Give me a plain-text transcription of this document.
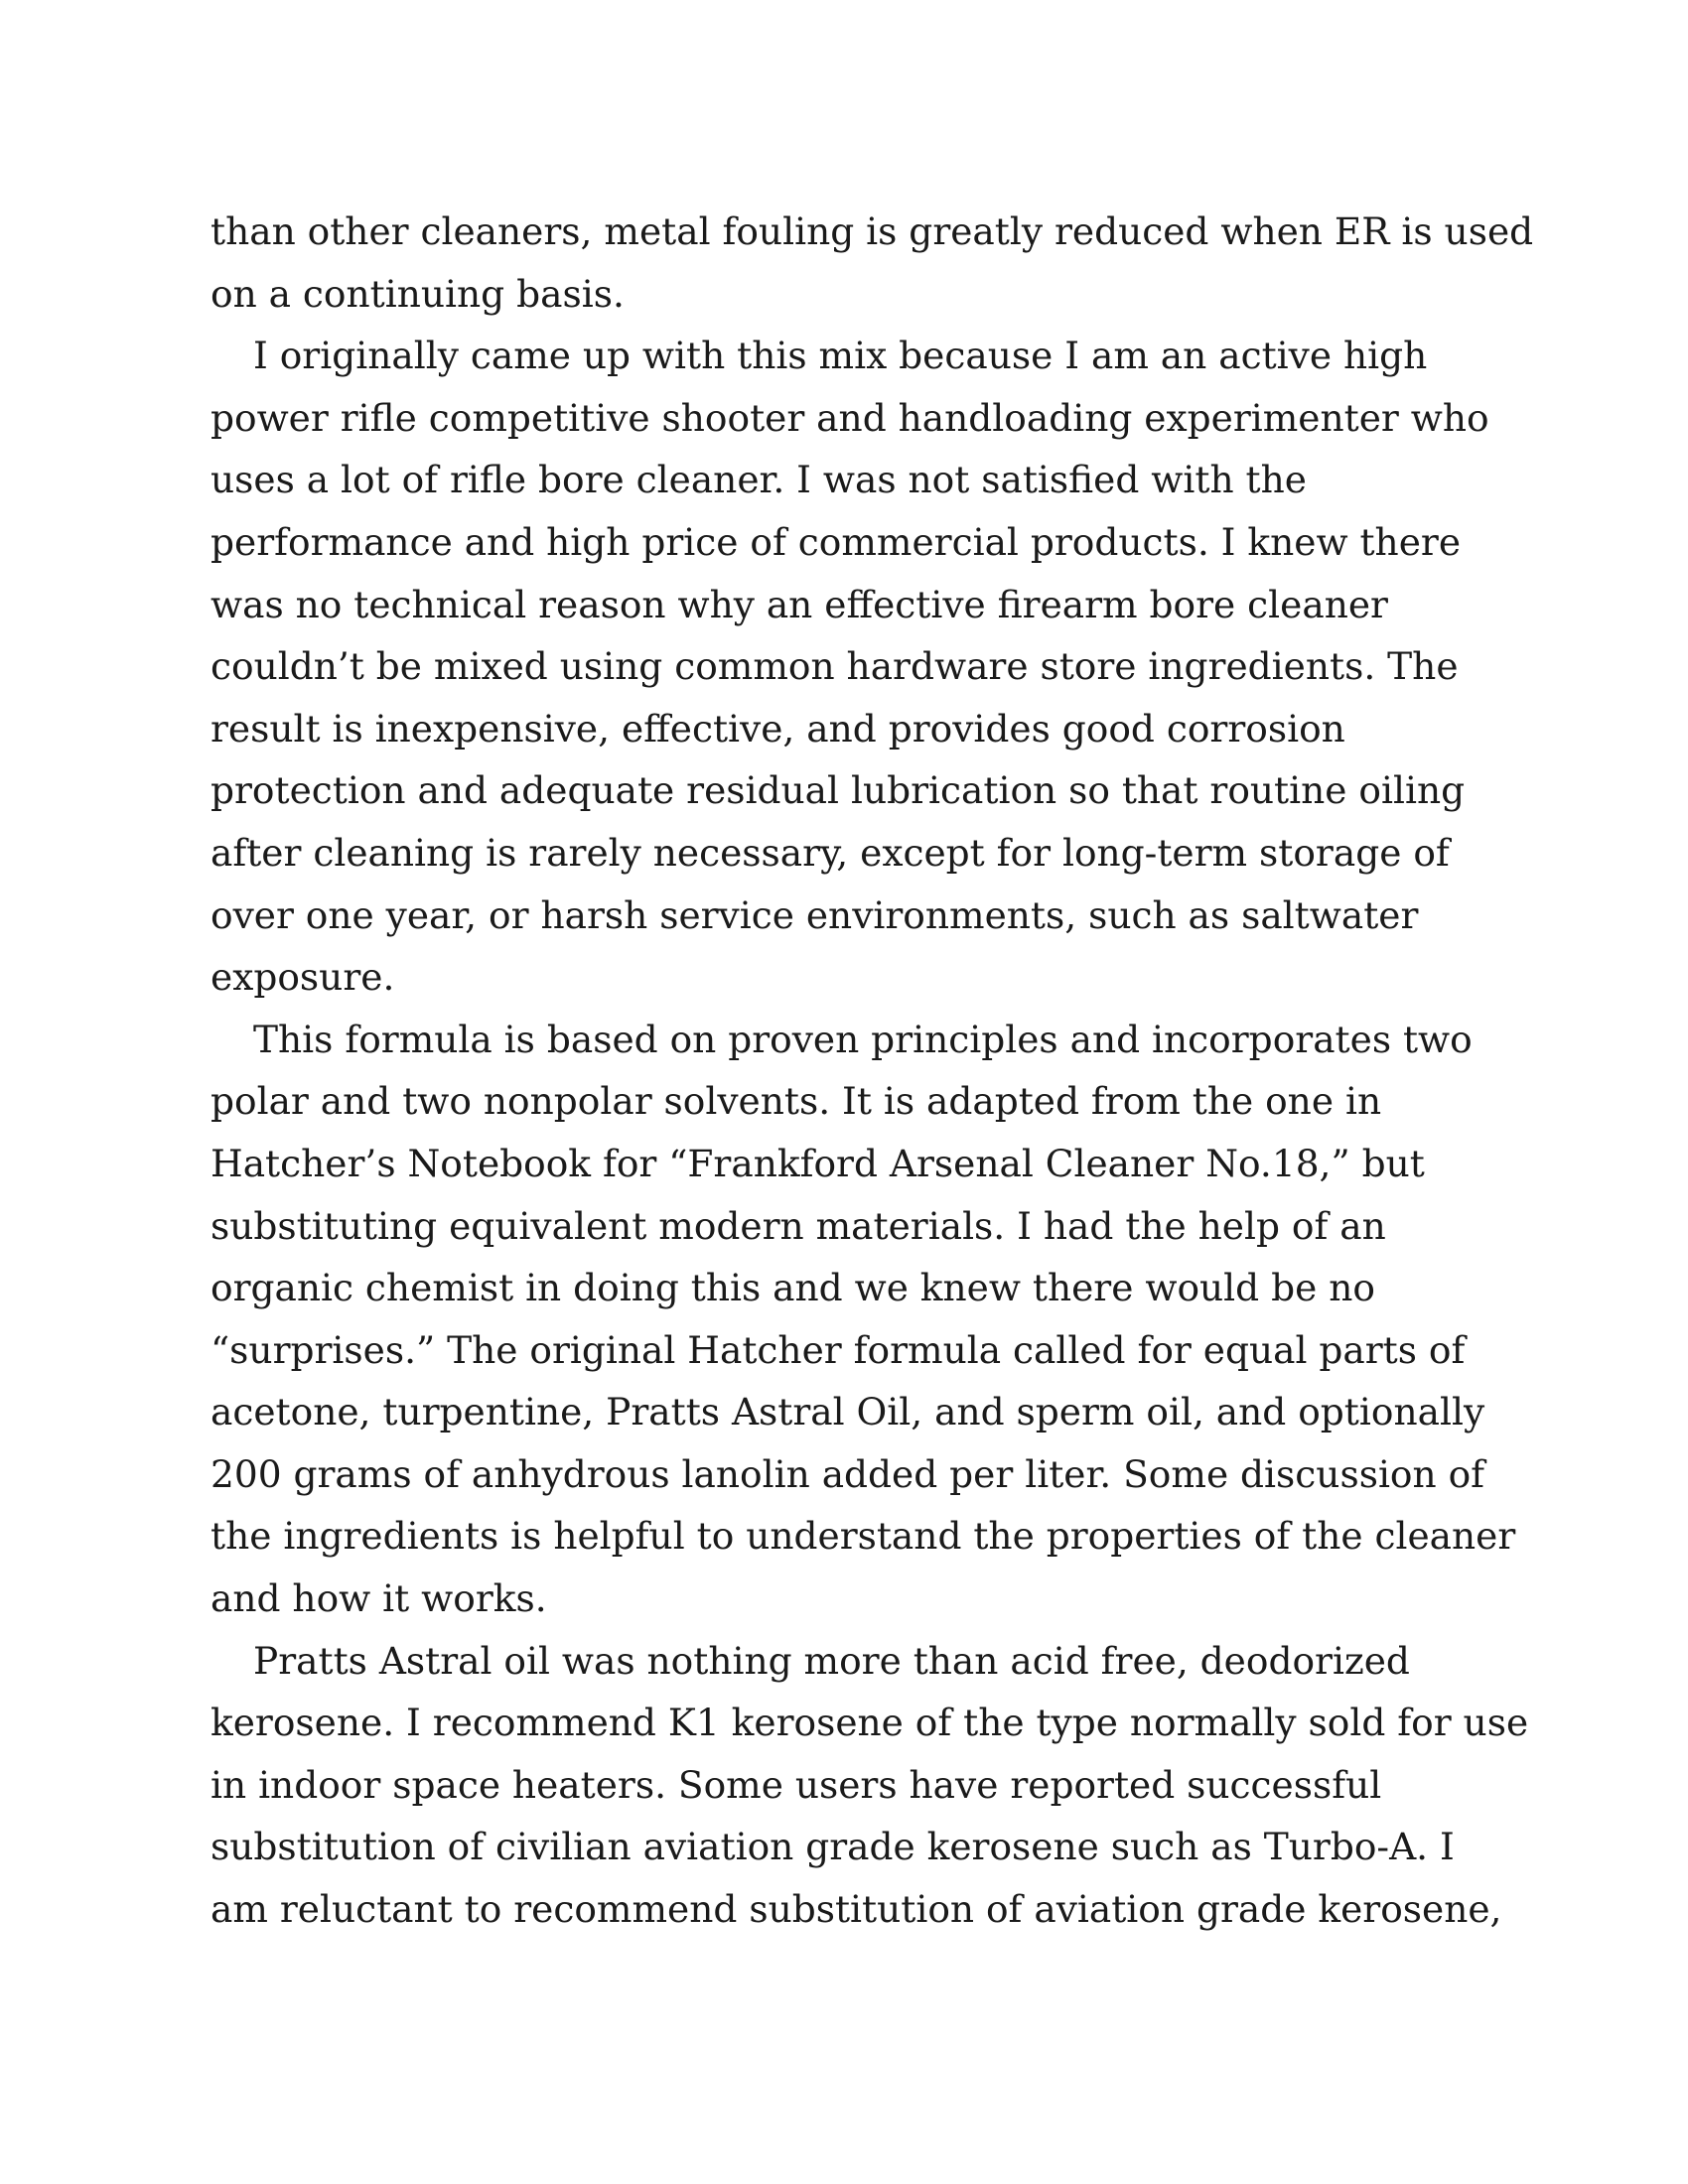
than other cleaners, metal fouling is greatly reduced when ER is used
on a continuing basis.
I originally came up with this mix because I am an active high
power rifle competitive shooter and handloading experimenter who
uses a lot of rifle bore cleaner. I was not satisfied with the
performance and high price of commercial products. I knew there
was no technical reason why an effective firearm bore cleaner
couldn’t be mixed using common hardware store ingredients. The
result is inexpensive, effective, and provides good corrosion
protection and adequate residual lubrication so that routine oiling
after cleaning is rarely necessary, except for long-term storage of
over one year, or harsh service environments, such as saltwater
exposure.
This formula is based on proven principles and incorporates two
polar and two nonpolar solvents. It is adapted from the one in
Hatcher’s Notebook for “Frankford Arsenal Cleaner No.18,” but
substituting equivalent modern materials. I had the help of an
organic chemist in doing this and we knew there would be no
“surprises.” The original Hatcher formula called for equal parts of
acetone, turpentine, Pratts Astral Oil, and sperm oil, and optionally
200 grams of anhydrous lanolin added per liter. Some discussion of
the ingredients is helpful to understand the properties of the cleaner
and how it works.
Pratts Astral oil was nothing more than acid free, deodorized
kerosene. I recommend K1 kerosene of the type normally sold for use
in indoor space heaters. Some users have reported successful
substitution of civilian aviation grade kerosene such as Turbo-A. I
am reluctant to recommend substitution of aviation grade kerosene,
